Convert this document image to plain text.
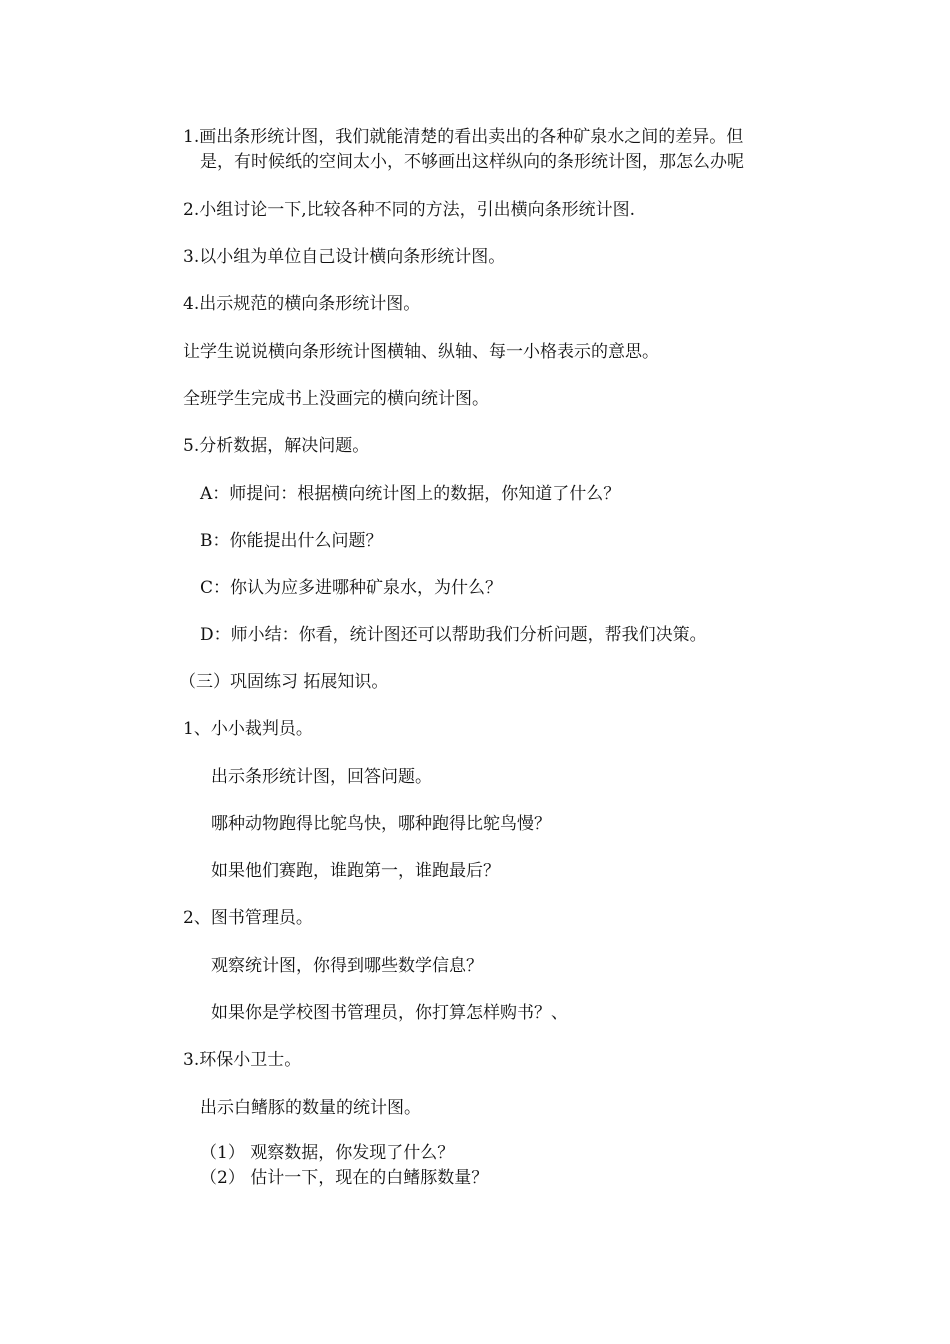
1.画出条形统计图，我们就能清楚的看出卖出的各种矿泉水之间的差异。但
是，有时候纸的空间太小，不够画出这样纵向的条形统计图，那怎么办呢
2.小组讨论一下,比较各种不同的方法，引出横向条形统计图.
3.以小组为单位自己设计横向条形统计图。
4.出示规范的横向条形统计图。
让学生说说横向条形统计图横轴、纵轴、每一小格表示的意思。
全班学生完成书上没画完的横向统计图。
5.分析数据，解决问题。
A：师提问：根据横向统计图上的数据，你知道了什么？
B：你能提出什么问题？
C：你认为应多进哪种矿泉水，为什么？
D：师小结：你看，统计图还可以帮助我们分析问题，帮我们决策。
（三）巩固练习 拓展知识。
1、小小裁判员。
出示条形统计图，回答问题。
哪种动物跑得比鸵鸟快，哪种跑得比鸵鸟慢？
如果他们赛跑，谁跑第一，谁跑最后？
2、图书管理员。
观察统计图，你得到哪些数学信息？
如果你是学校图书管理员，你打算怎样购书？、
3.环保小卫士。
出示白鳍豚的数量的统计图。
（1） 观察数据，你发现了什么？
（2） 估计一下，现在的白鳍豚数量？
